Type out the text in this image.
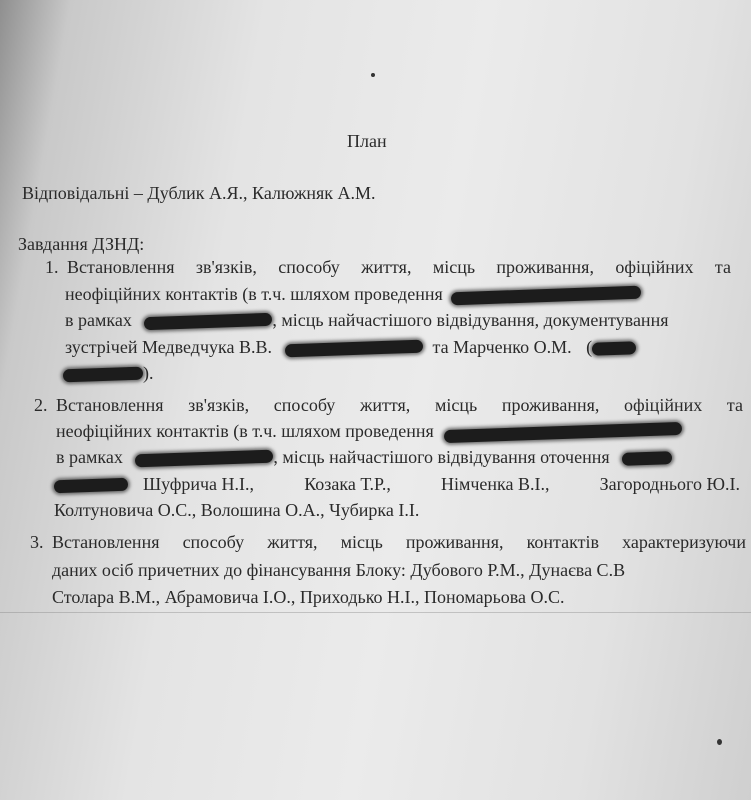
План
Відповідальні – Дублик А.Я., Калюжняк А.М.
Завдання ДЗНД:
1. Встановлення зв'язків, способу життя, місць проживання, офіційних та
неофіційних контактів (в т.ч. шляхом проведення
в рамках	, місць найчастішого відвідування, документування
зустрічей Медведчука В.В.	та Марченко О.М. (
).
2. Встановлення зв'язків, способу життя, місць проживання, офіційних та
неофіційних контактів (в т.ч. шляхом проведення
в рамках	, місць найчастішого відвідування оточення
Шуфрича Н.І.,	Козака Т.Р.,	Німченка В.І.,	Загороднього Ю.І.
Колтуновича О.С., Волошина О.А., Чубирка І.І.
3. Встановлення способу життя, місць проживання, контактів характеризуючи
даних осіб причетних до фінансування Блоку: Дубового Р.М., Дунаєва С.В
Столара В.М., Абрамовича І.О., Приходько Н.І., Пономарьова О.С.
